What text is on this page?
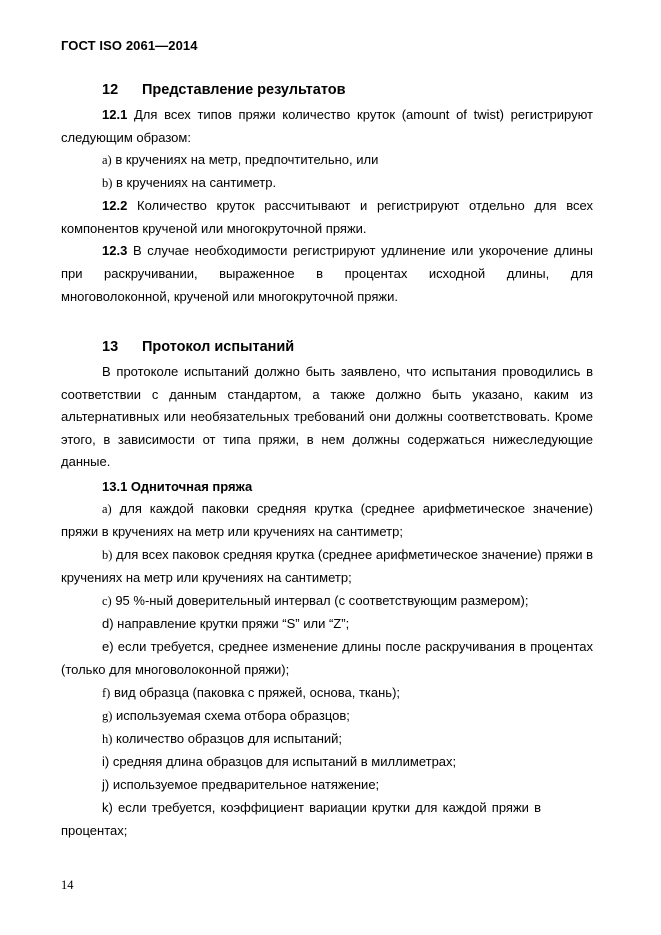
ГОСТ ISO 2061—2014
12 Представление результатов

12.1 Для всех типов пряжи количество круток (amount of twist) регистрируют следующим образом:

a) в кручениях на метр, предпочтительно, или

b) в кручениях на сантиметр.

12.2 Количество круток рассчитывают и регистрируют отдельно для всех компонентов крученой или многокруточной пряжи.

12.3 В случае необходимости регистрируют удлинение или укорочение длины при раскручивании, выраженное в процентах исходной длины, для

многоволоконной, крученой или многокруточной пряжи.

13 Протокол испытаний

В протоколе испытаний должно быть заявлено, что испытания проводились в соответствии с данным стандартом, а также должно быть указано, каким из альтернативных или необязательных требований они должны соответствовать. Кроме этого, в зависимости от типа пряжи, в нем должны содержаться нижеследующие данные.

13.1 Одниточная пряжа

a) для каждой паковки средняя крутка (среднее арифметическое значение) пряжи в кручениях на метр или кручениях на сантиметр;

b) для всех паковок средняя крутка (среднее арифметическое значение) пряжи в кручениях на метр или кручениях на сантиметр;

c) 95 %-ный доверительный интервал (с соответствующим размером);

d) направление крутки пряжи “S” или “Z”;

е) если требуется, среднее изменение длины после раскручивания в процентах (только для многоволоконной пряжи);

f) вид образца (паковка с пряжей, основа, ткань);

g) используемая схема отбора образцов;

h) количество образцов для испытаний;

i) средняя длина образцов для испытаний в миллиметрах;

j) используемое предварительное натяжение;

k) если требуется, коэффициент вариации крутки для каждой пряжи в процентах;

14
